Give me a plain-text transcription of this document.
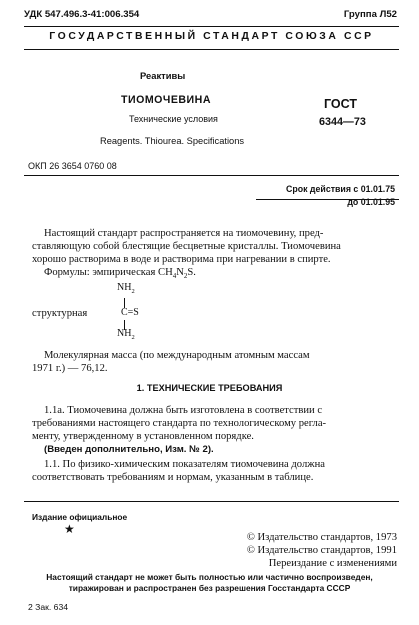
УДК 547.496.3-41:006.354	Группа Л52
ГОСУДАРСТВЕННЫЙ СТАНДАРТ СОЮЗА ССР
Реактивы
ТИОМОЧЕВИНА
Технические условия
Reagents. Thiourea. Specifications
ГОСТ
6344—73
ОКП 26 3654 0760 08
Срок действия с 01.01.75
до 01.01.95
Настоящий стандарт распространяется на тиомочевину, пред-
ставляющую собой блестящие бесцветные кристаллы. Тиомочевина
хорошо растворима в воде и растворима при нагревании в спирте.
Формулы: эмпирическая $CH_4N_2S$.
$NH_2$
структурная	C=S
$NH_2$
Молекулярная масса (по международным атомным массам
1971 г.) — 76,12.
1. ТЕХНИЧЕСКИЕ ТРЕБОВАНИЯ
1.1а. Тиомочевина должна быть изготовлена в соответствии с
требованиями настоящего стандарта по технологическому регла-
менту, утвержденному в установленном порядке.
(Введен дополнительно, Изм. № 2).
1.1. По физико-химическим показателям тиомочевина должна
соответствовать требованиям и нормам, указанным в таблице.
Издание официальное
★
© Издательство стандартов, 1973
© Издательство стандартов, 1991
Переиздание с изменениями
Настоящий стандарт не может быть полностью или частично воспроизведен,
тиражирован и распространен без разрешения Госстандарта СССР
2 Зак. 634
